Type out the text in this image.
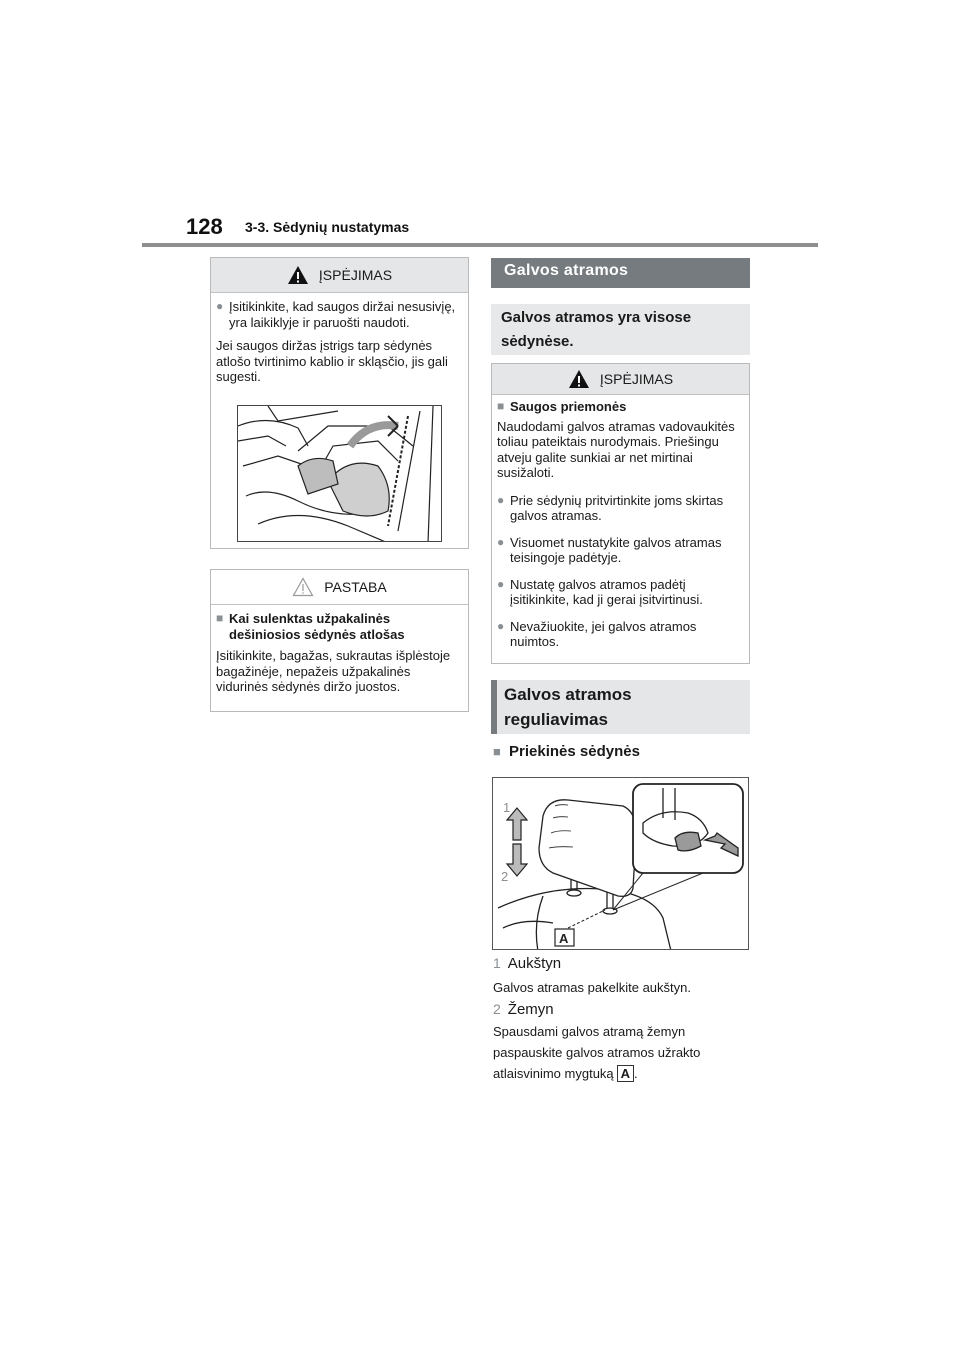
128 3-3. Sėdynių nustatymas
ĮSPĖJIMAS
● Įsitikinkite, kad saugos diržai nesusivįę, yra laikiklyje ir paruošti naudoti.
Jei saugos diržas įstrigs tarp sėdynės atlošo tvirtinimo kablio ir skląsčio, jis gali sugesti.
PASTABA
■ Kai sulenktas užpakalinės
dešiniosios sėdynės atlošas
Įsitikinkite, bagažas, sukrautas išplėstoje bagažinėje, nepažeis užpakalinės vidurinės sėdynės diržo juostos.
Galvos atramos
Galvos atramos yra visose
sėdynėse.
ĮSPĖJIMAS
■ Saugos priemonės
Naudodami galvos atramas vadovaukitės toliau pateiktais nurodymais. Priešingu atveju galite sunkiai ar net mirtinai susižaloti.
● Prie sėdynių pritvirtinkite joms skirtas galvos atramas.
● Visuomet nustatykite galvos atramas teisingoje padėtyje.
● Nustatę galvos atramos padėtį įsitikinkite, kad ji gerai įsitvirtinusi.
● Nevažiuokite, jei galvos atramos nuimtos.
Galvos atramos
reguliavimas
■ Priekinės sėdynės
1
2
A
1 Aukštyn
Galvos atramas pakelkite aukštyn.
2 Žemyn
Spausdami galvos atramą žemyn
paspauskite galvos atramos užrakto
atlaisvinimo mygtuką A .
